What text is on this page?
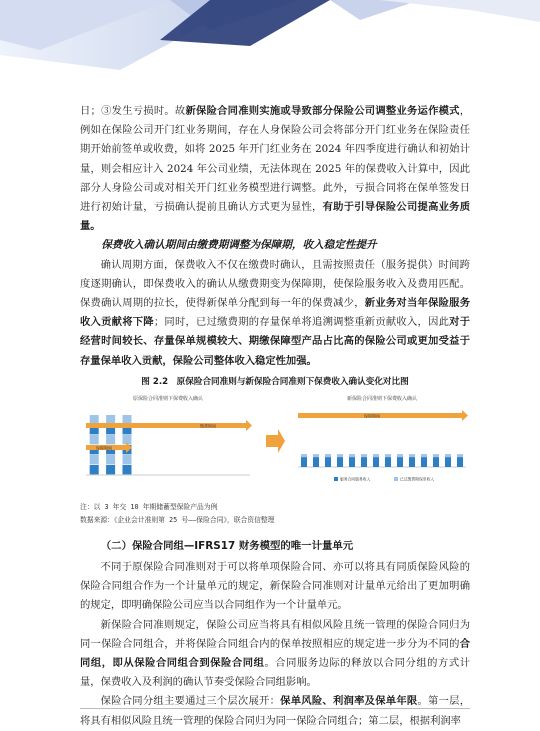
日；③发生亏损时。故新保险合同准则实施或导致部分保险公司调整业务运作模式，例如在保险公司开门红业务期间，存在人身保险公司会将部分开门红业务在保险责任期开始前签单或收费，如将 2025 年开门红业务在 2024 年四季度进行确认和初始计量，则会相应计入 2024 年公司业绩，无法体现在 2025 年的保费收入计算中，因此部分人身险公司或对相关开门红业务模型进行调整。此外，亏损合同将在保单签发日进行初始计量，亏损确认提前且确认方式更为显性，有助于引导保险公司提高业务质量。

保费收入确认期间由缴费期调整为保障期，收入稳定性提升

确认周期方面，保费收入不仅在缴费时确认，且需按照责任（服务提供）时间跨度逐期确认，即保费收入的确认从缴费期变为保障期，使保险服务收入及费用匹配。保费确认周期的拉长，使得新保单分配到每一年的保费减少，新业务对当年保险服务收入贡献将下降；同时，已过缴费期的存量保单将追溯调整重新贡献收入，因此对于经营时间较长、存量保单规模较大、期缴保障型产品占比高的保险公司或更加受益于存量保单收入贡献，保险公司整体收入稳定性加强。

图 2.2　原保险合同准则与新保险合同准则下保费收入确认变化对比图
原保险合同准则下保费收入确认
缴费期间
保障期间
新保险合同准则下保费收入确认
保障期间
服务合同服务收入	已过缴费期保单收入
注：以 3 年交 10 年期储蓄型保险产品为例
数据来源：《企业会计准则第 25 号——保险合同》，联合资信整理
（二）保险合同组—IFRS17 财务模型的唯一计量单元

不同于原保险合同准则对于可以将单项保险合同、亦可以将具有同质保险风险的保险合同组合作为一个计量单元的规定，新保险合同准则对计量单元给出了更加明确的规定，即明确保险公司应当以合同组作为一个计量单元。

新保险合同准则规定，保险公司应当将具有相似风险且统一管理的保险合同归为同一保险合同组合，并将保险合同组合内的保单按照相应的规定进一步分为不同的合同组，即从保险合同组合到保险合同组。合同服务边际的释放以合同分组的方式计量，保费收入及利润的确认节奏受保险合同组影响。

保险合同分组主要通过三个层次展开：保单风险、利润率及保单年限。第一层，将具有相似风险且统一管理的保险合同归为同一保险合同组合；第二层，根据利润率
